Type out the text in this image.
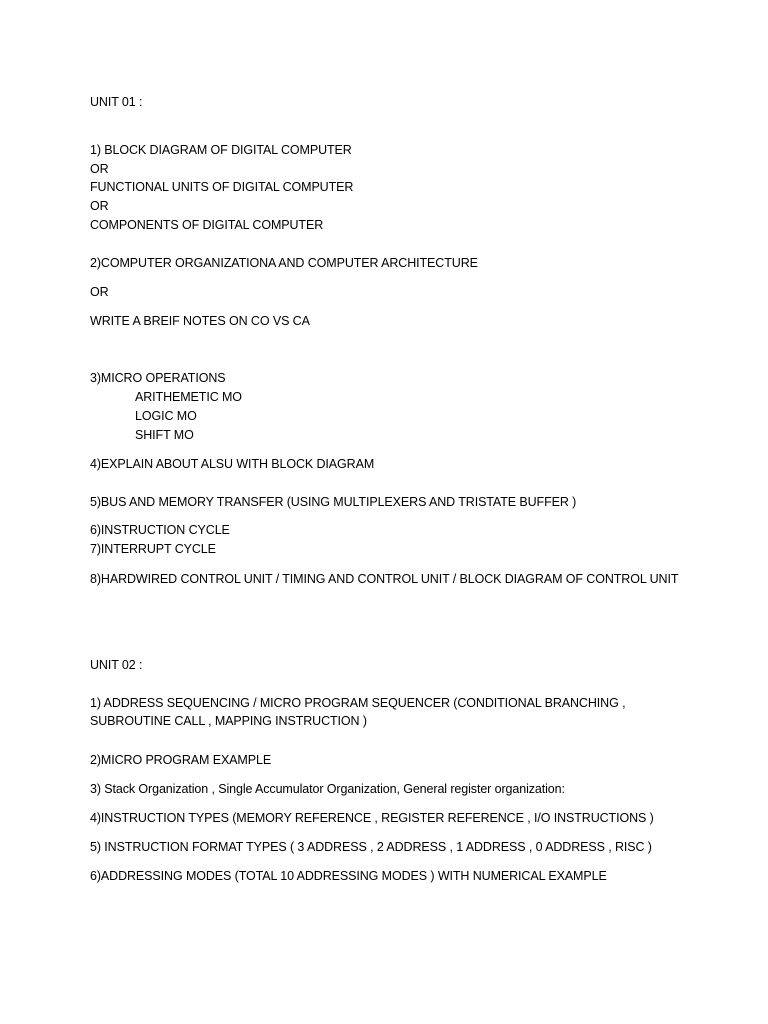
UNIT 01 :
1) BLOCK DIAGRAM OF DIGITAL COMPUTER
OR
FUNCTIONAL UNITS OF DIGITAL COMPUTER
OR
COMPONENTS OF DIGITAL COMPUTER
2)COMPUTER ORGANIZATIONA AND COMPUTER ARCHITECTURE
OR
WRITE A BREIF NOTES ON CO VS CA
3)MICRO OPERATIONS
ARITHEMETIC MO
LOGIC MO
SHIFT MO
4)EXPLAIN ABOUT ALSU WITH BLOCK DIAGRAM
5)BUS AND MEMORY TRANSFER (USING MULTIPLEXERS AND TRISTATE BUFFER )
6)INSTRUCTION CYCLE
7)INTERRUPT CYCLE
8)HARDWIRED CONTROL UNIT / TIMING AND CONTROL UNIT / BLOCK DIAGRAM OF CONTROL UNIT
UNIT 02 :
1) ADDRESS SEQUENCING / MICRO PROGRAM SEQUENCER (CONDITIONAL BRANCHING , SUBROUTINE CALL , MAPPING INSTRUCTION )
2)MICRO PROGRAM EXAMPLE
3) Stack Organization , Single Accumulator Organization, General register organization:
4)INSTRUCTION TYPES (MEMORY REFERENCE , REGISTER REFERENCE , I/O INSTRUCTIONS )
5) INSTRUCTION FORMAT TYPES ( 3 ADDRESS , 2 ADDRESS , 1 ADDRESS , 0 ADDRESS , RISC )
6)ADDRESSING MODES (TOTAL 10 ADDRESSING MODES ) WITH NUMERICAL EXAMPLE
